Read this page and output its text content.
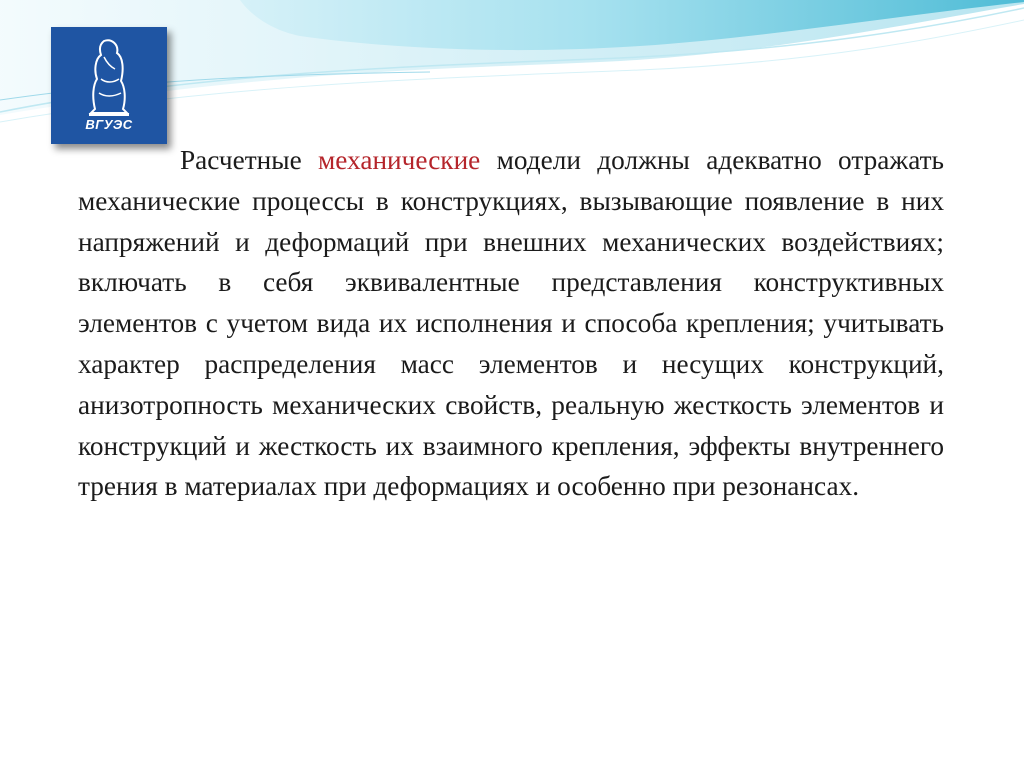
ВГУЭС

Расчетные механические модели должны адекватно отражать механические процессы в конструкциях, вызывающие появление в них напряжений и деформаций при внешних механических воздействиях; включать в себя эквивалентные представления конструктивных элементов с учетом вида их исполнения и способа крепления; учитывать характер распределения масс элементов и несущих конструкций, анизотропность механических свойств, реальную жесткость элементов и конструкций и жесткость их взаимного крепления, эффекты внутреннего трения в материалах при деформациях и особенно при резонансах.
